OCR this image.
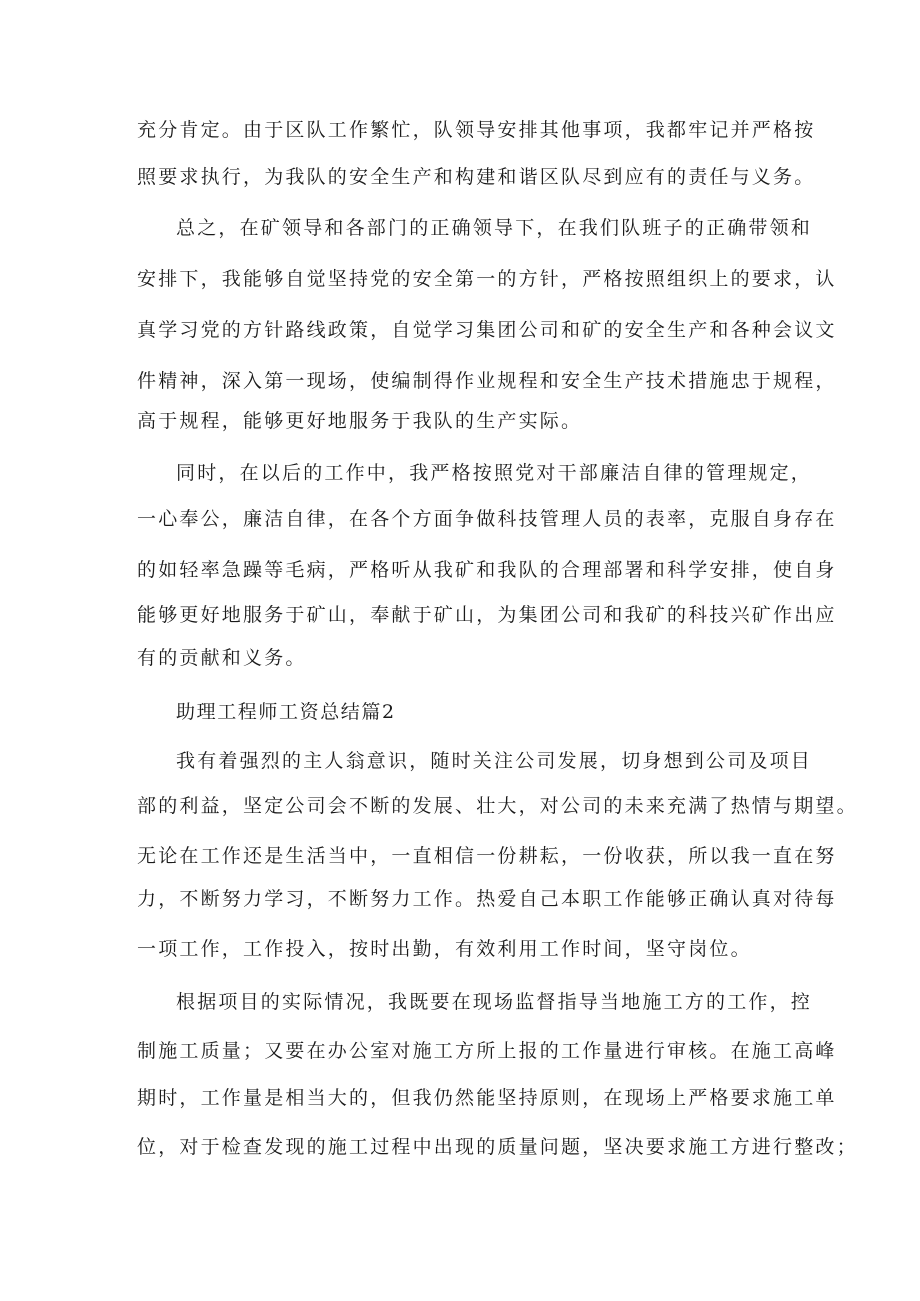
充分肯定。由于区队工作繁忙，队领导安排其他事项，我都牢记并严格按
照要求执行，为我队的安全生产和构建和谐区队尽到应有的责任与义务。
总之，在矿领导和各部门的正确领导下，在我们队班子的正确带领和
安排下，我能够自觉坚持党的安全第一的方针，严格按照组织上的要求，认
真学习党的方针路线政策，自觉学习集团公司和矿的安全生产和各种会议文
件精神，深入第一现场，使编制得作业规程和安全生产技术措施忠于规程，
高于规程，能够更好地服务于我队的生产实际。
同时，在以后的工作中，我严格按照党对干部廉洁自律的管理规定，
一心奉公，廉洁自律，在各个方面争做科技管理人员的表率，克服自身存在
的如轻率急躁等毛病，严格听从我矿和我队的合理部署和科学安排，使自身
能够更好地服务于矿山，奉献于矿山，为集团公司和我矿的科技兴矿作出应
有的贡献和义务。
助理工程师工资总结篇2
我有着强烈的主人翁意识，随时关注公司发展，切身想到公司及项目
部的利益，坚定公司会不断的发展、壮大，对公司的未来充满了热情与期望。
无论在工作还是生活当中，一直相信一份耕耘，一份收获，所以我一直在努
力，不断努力学习，不断努力工作。热爱自己本职工作能够正确认真对待每
一项工作，工作投入，按时出勤，有效利用工作时间，坚守岗位。
根据项目的实际情况，我既要在现场监督指导当地施工方的工作，控
制施工质量；又要在办公室对施工方所上报的工作量进行审核。在施工高峰
期时，工作量是相当大的，但我仍然能坚持原则，在现场上严格要求施工单
位，对于检查发现的施工过程中出现的质量问题，坚决要求施工方进行整改；
